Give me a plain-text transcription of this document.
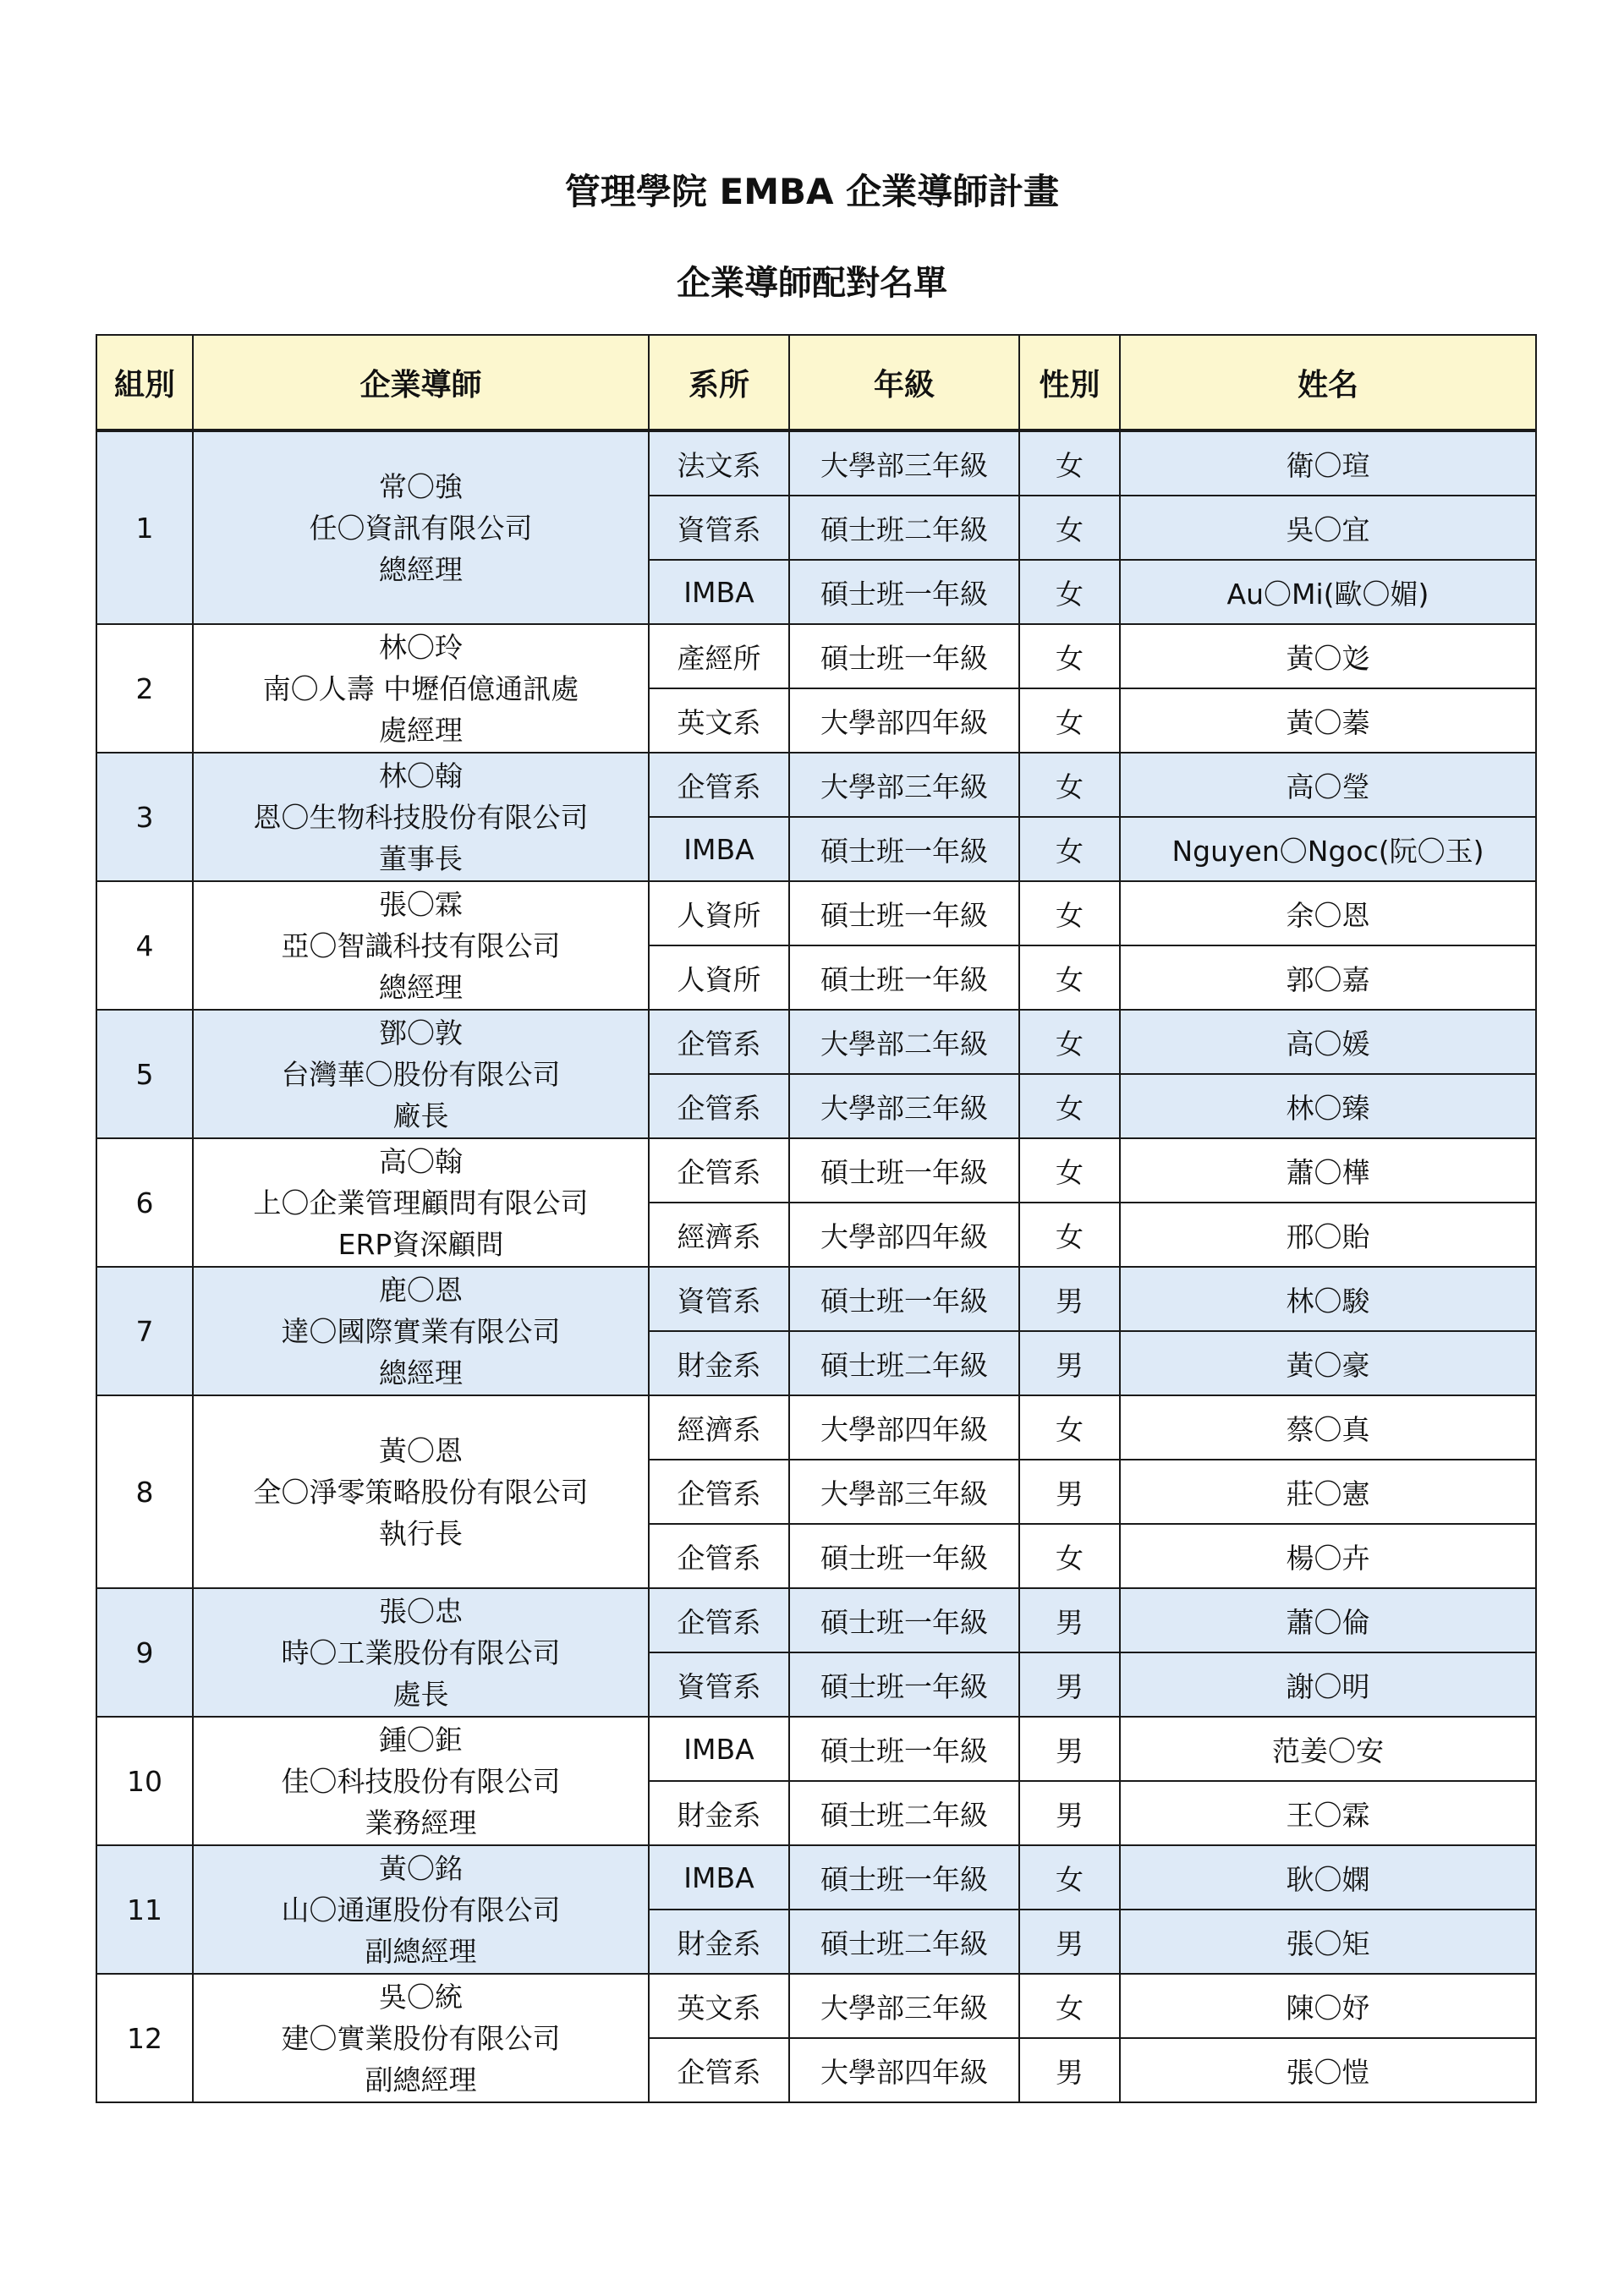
管理學院 EMBA 企業導師計畫
企業導師配對名單
組別	企業導師	系所	年級	性別	姓名
1	常〇強
任〇資訊有限公司
總經理	法文系	大學部三年級	女	衛〇瑄
		資管系	碩士班二年級	女	吳〇宜
		IMBA	碩士班一年級	女	Au〇Mi(歐〇媚)
2	林〇玲
南〇人壽 中壢佰億通訊處
處經理	產經所	碩士班一年級	女	黃〇彣
		英文系	大學部四年級	女	黃〇蓁
3	林〇翰
恩〇生物科技股份有限公司
董事長	企管系	大學部三年級	女	高〇瑩
		IMBA	碩士班一年級	女	Nguyen〇Ngoc(阮〇玉)
4	張〇霖
亞〇智識科技有限公司
總經理	人資所	碩士班一年級	女	余〇恩
		人資所	碩士班一年級	女	郭〇嘉
5	鄧〇敦
台灣華〇股份有限公司
廠長	企管系	大學部二年級	女	高〇媛
		企管系	大學部三年級	女	林〇臻
6	高〇翰
上〇企業管理顧問有限公司
ERP資深顧問	企管系	碩士班一年級	女	蕭〇樺
		經濟系	大學部四年級	女	邢〇貽
7	鹿〇恩
達〇國際實業有限公司
總經理	資管系	碩士班一年級	男	林〇駿
		財金系	碩士班二年級	男	黃〇豪
8	黃〇恩
全〇淨零策略股份有限公司
執行長	經濟系	大學部四年級	女	蔡〇真
		企管系	大學部三年級	男	莊〇憲
		企管系	碩士班一年級	女	楊〇卉
9	張〇忠
時〇工業股份有限公司
處長	企管系	碩士班一年級	男	蕭〇倫
		資管系	碩士班一年級	男	謝〇明
10	鍾〇鉅
佳〇科技股份有限公司
業務經理	IMBA	碩士班一年級	男	范姜〇安
		財金系	碩士班二年級	男	王〇霖
11	黃〇銘
山〇通運股份有限公司
副總經理	IMBA	碩士班一年級	女	耿〇嫻
		財金系	碩士班二年級	男	張〇矩
12	吳〇統
建〇實業股份有限公司
副總經理	英文系	大學部三年級	女	陳〇妤
		企管系	大學部四年級	男	張〇愷
